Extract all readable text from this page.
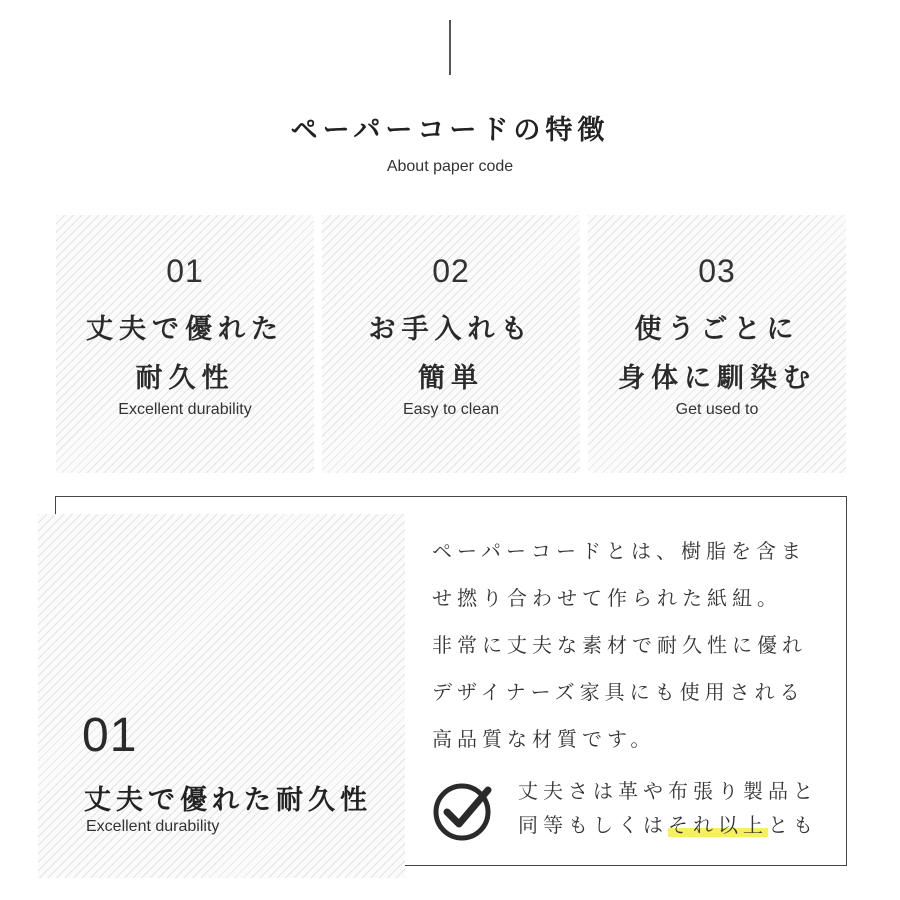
ペーパーコードの特徴
About paper code
01
丈夫で優れた
耐久性
Excellent durability
02
お手入れも
簡単
Easy to clean
03
使うごとに
身体に馴染む
Get used to
01
丈夫で優れた耐久性
Excellent durability
ペーパーコードとは、樹脂を含ま
せ撚り合わせて作られた紙紐。
非常に丈夫な素材で耐久性に優れ
デザイナーズ家具にも使用される
高品質な材質です。
丈夫さは革や布張り製品と
同等もしくはそれ以上とも
